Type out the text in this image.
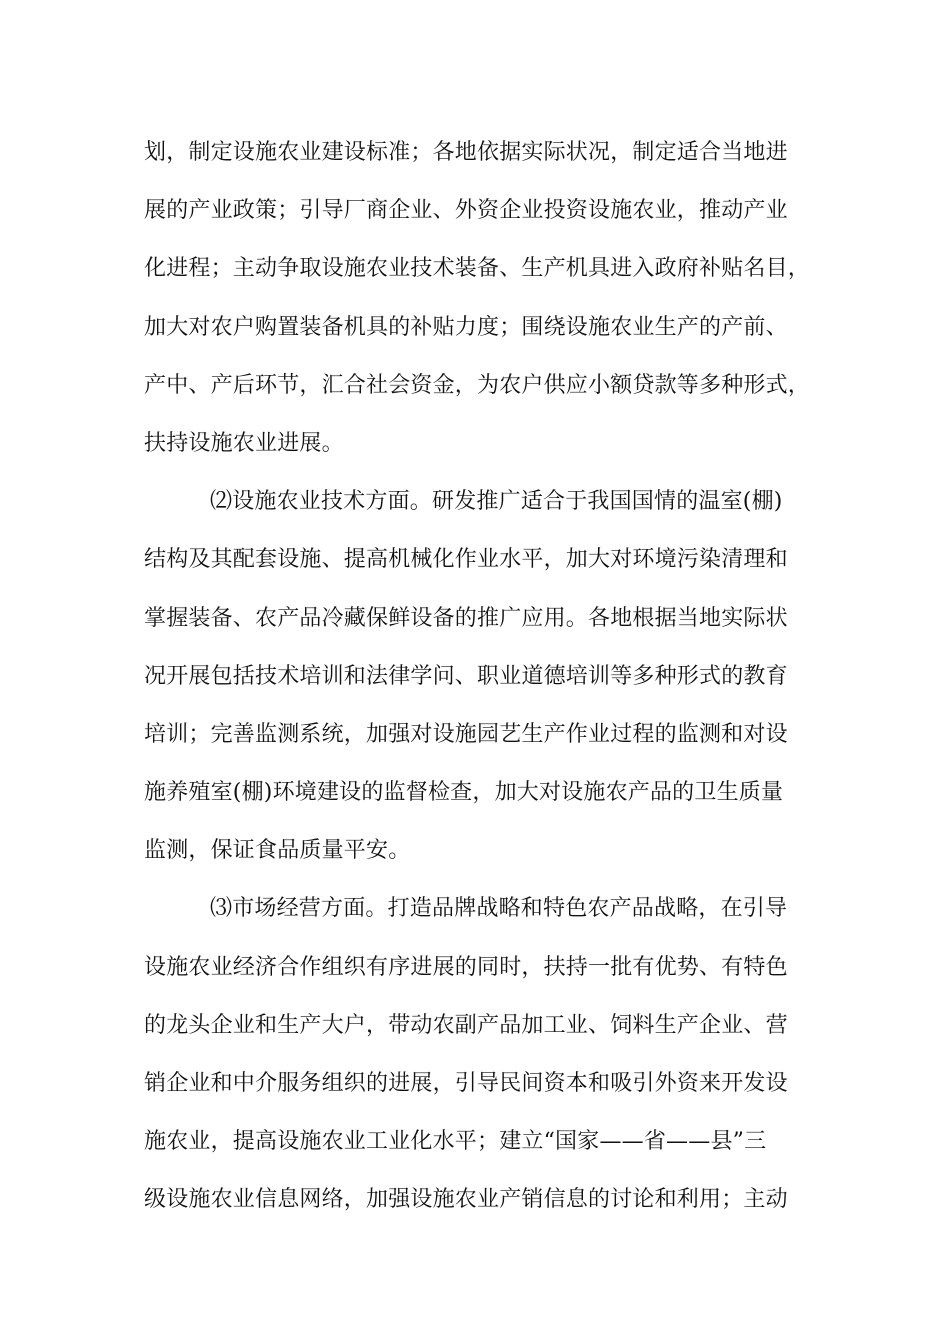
划，制定设施农业建设标准；各地依据实际状况，制定适合当地进
展的产业政策；引导厂商企业、外资企业投资设施农业，推动产业
化进程；主动争取设施农业技术装备、生产机具进入政府补贴名目，
加大对农户购置装备机具的补贴力度；围绕设施农业生产的产前、
产中、产后环节，汇合社会资金，为农户供应小额贷款等多种形式，
扶持设施农业进展。
⑵设施农业技术方面。研发推广适合于我国国情的温室(棚)
结构及其配套设施、提高机械化作业水平，加大对环境污染清理和
掌握装备、农产品冷藏保鲜设备的推广应用。各地根据当地实际状
况开展包括技术培训和法律学问、职业道德培训等多种形式的教育
培训；完善监测系统，加强对设施园艺生产作业过程的监测和对设
施养殖室(棚)环境建设的监督检查，加大对设施农产品的卫生质量
监测，保证食品质量平安。
⑶市场经营方面。打造品牌战略和特色农产品战略，在引导
设施农业经济合作组织有序进展的同时，扶持一批有优势、有特色
的龙头企业和生产大户，带动农副产品加工业、饲料生产企业、营
销企业和中介服务组织的进展，引导民间资本和吸引外资来开发设
施农业，提高设施农业工业化水平；建立“国家——省——县”三
级设施农业信息网络，加强设施农业产销信息的讨论和利用；主动
